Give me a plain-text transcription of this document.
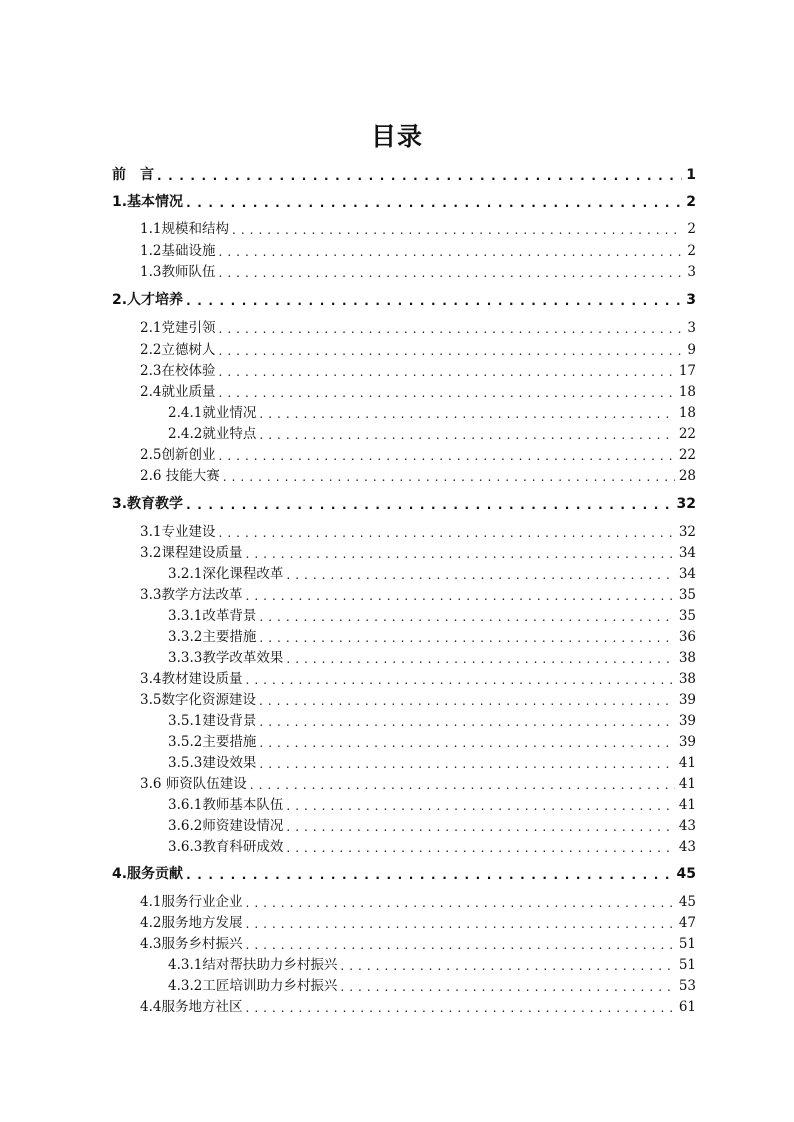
目录
前　言 . . .	1
1.基本情况 . . .	2
1.1规模和结构 . . .	2
1.2基础设施 . . .	2
1.3教师队伍 . . .	3
2.人才培养 . . .	3
2.1党建引领 . . .	3
2.2立德树人 . . .	9
2.3在校体验 . . .	17
2.4就业质量 . . .	18
2.4.1就业情况 . . .	18
2.4.2就业特点 . . .	22
2.5创新创业 . . .	22
2.6 技能大赛 . . .	28
3.教育教学 . . .	32
3.1专业建设 . . .	32
3.2课程建设质量 . . .	34
3.2.1深化课程改革 . . .	34
3.3教学方法改革 . . .	35
3.3.1改革背景 . . .	35
3.3.2主要措施 . . .	36
3.3.3教学改革效果 . . .	38
3.4教材建设质量 . . .	38
3.5数字化资源建设 . . .	39
3.5.1建设背景 . . .	39
3.5.2主要措施 . . .	39
3.5.3建设效果 . . .	41
3.6 师资队伍建设 . . .	41
3.6.1教师基本队伍 . . .	41
3.6.2师资建设情况 . . .	43
3.6.3教育科研成效 . . .	43
4.服务贡献 . . .	45
4.1服务行业企业 . . .	45
4.2服务地方发展 . . .	47
4.3服务乡村振兴 . . .	51
4.3.1结对帮扶助力乡村振兴 . . .	51
4.3.2工匠培训助力乡村振兴 . . .	53
4.4服务地方社区 . . .	61
